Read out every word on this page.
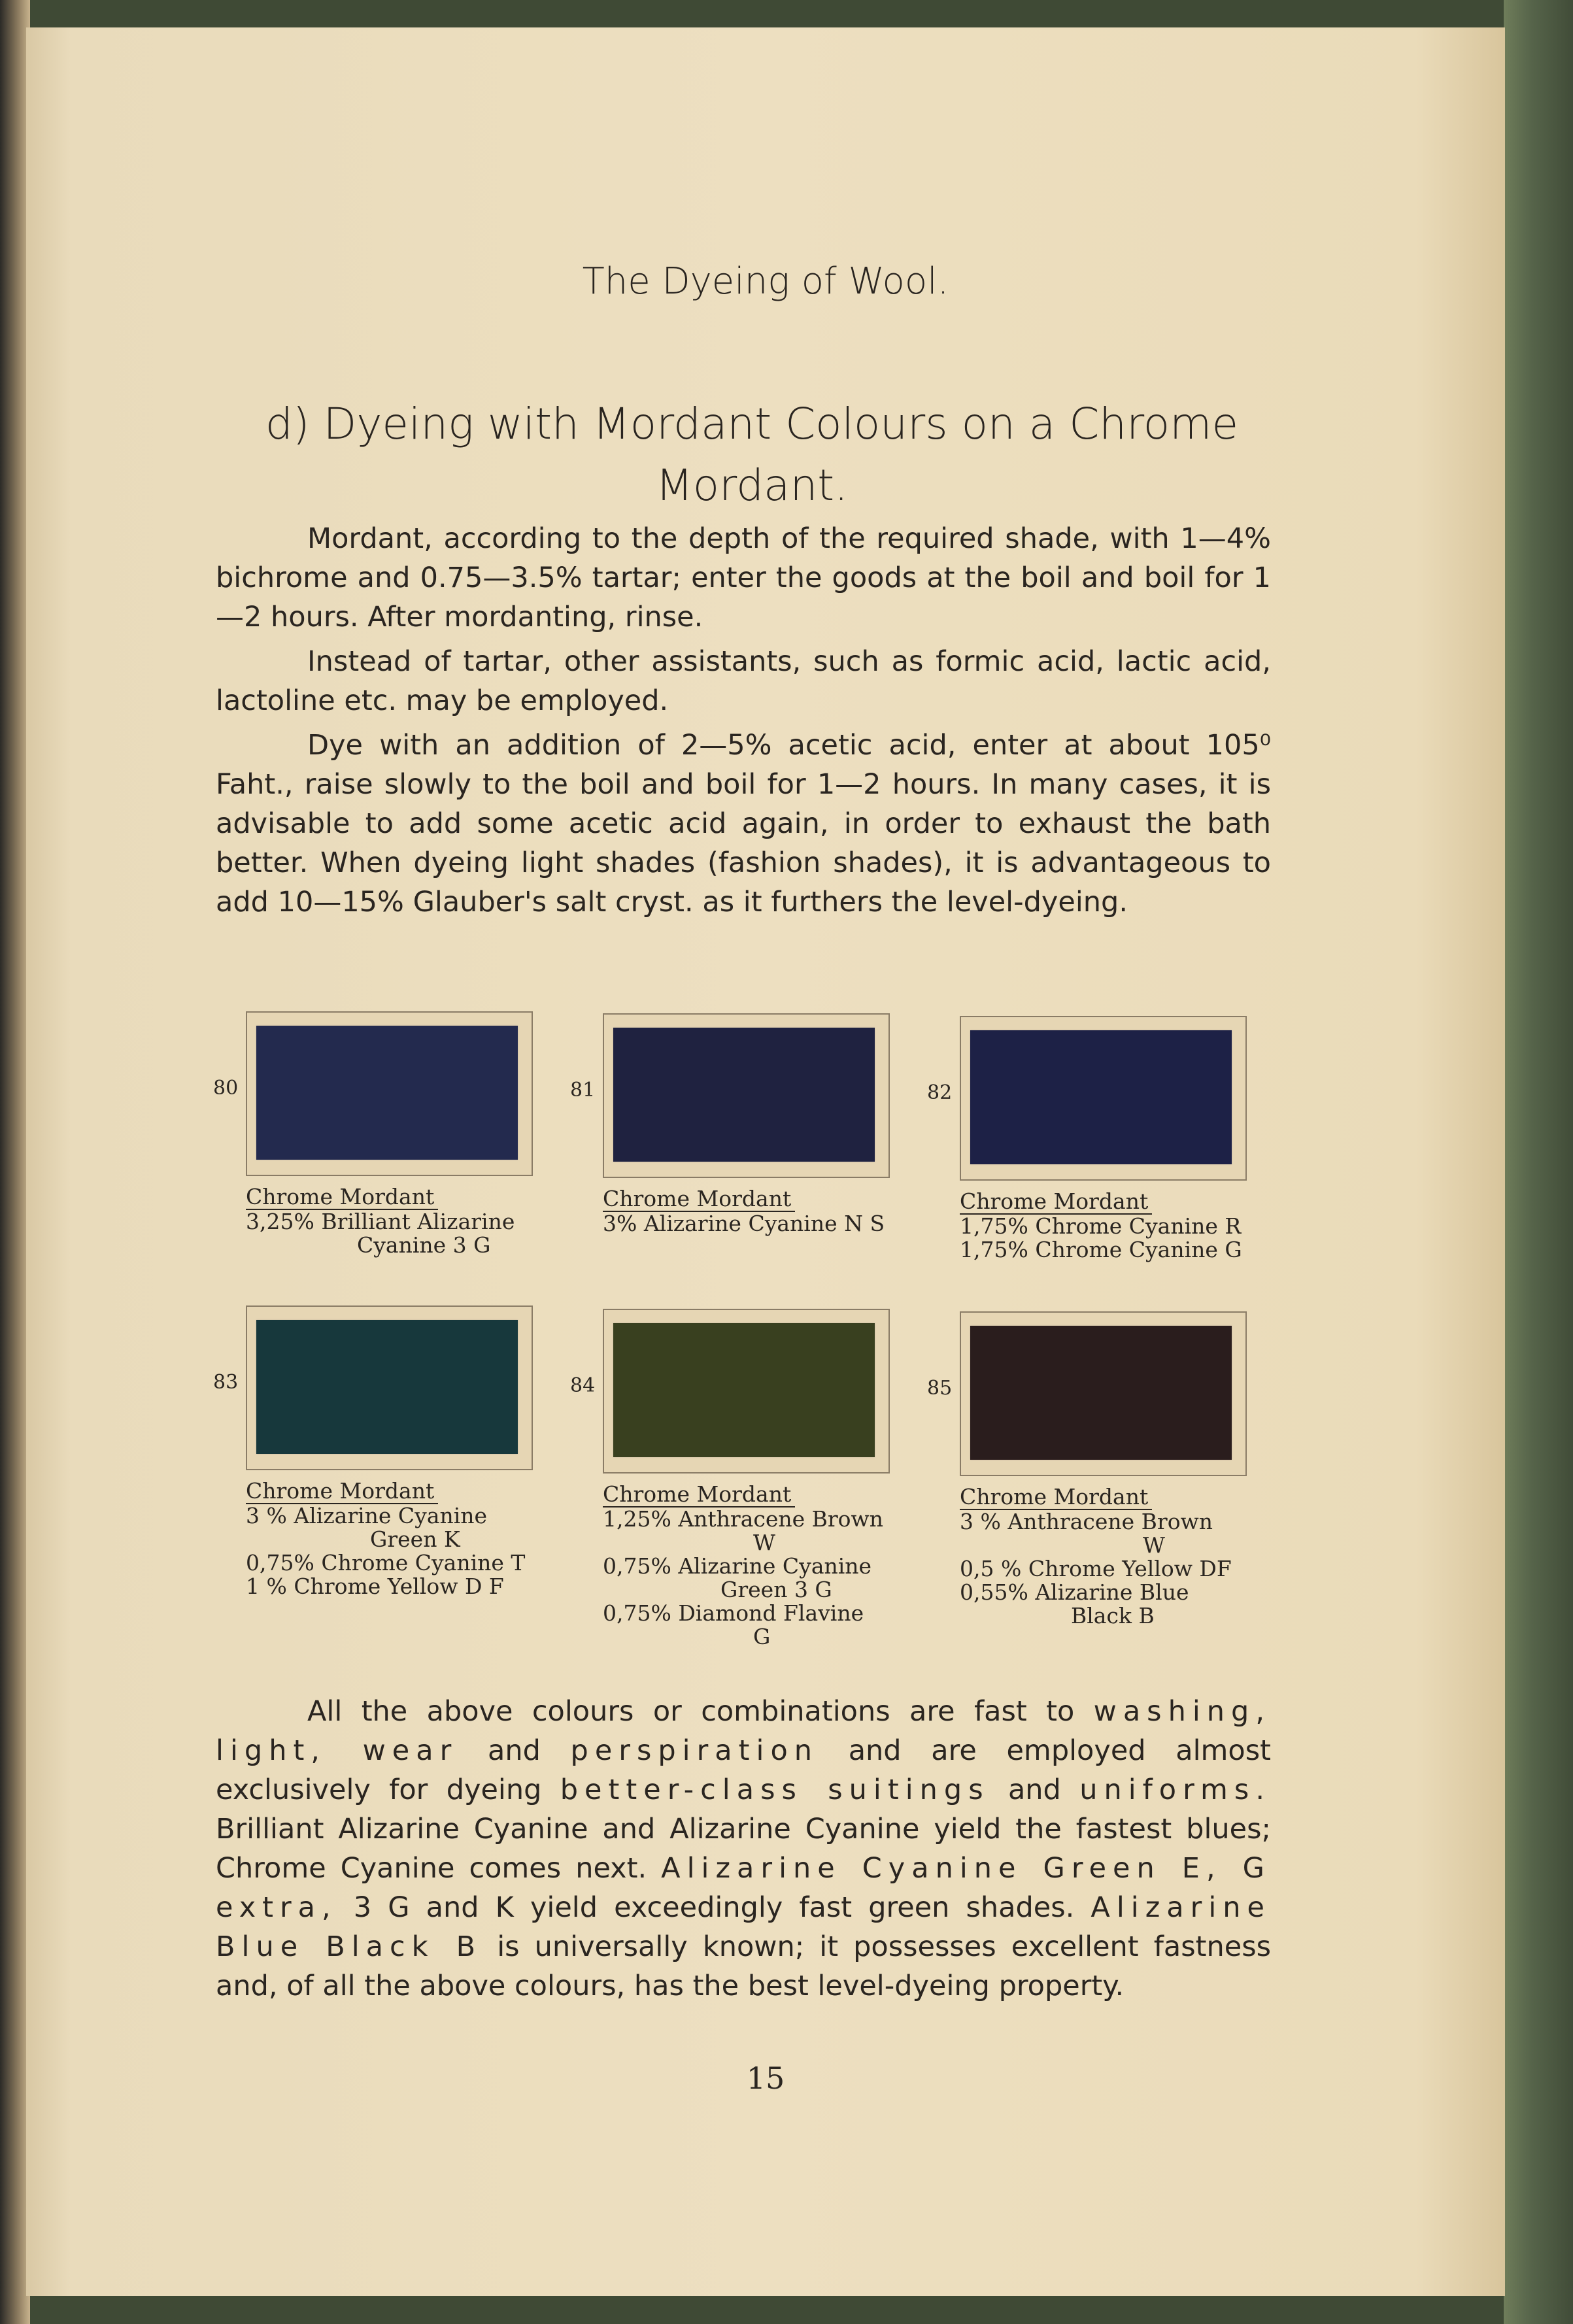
The Dyeing of Wool.
d) Dyeing with Mordant Colours on a Chrome
Mordant.

Mordant, according to the depth of the required shade, with 1—4% bichrome and 0.75—3.5% tartar; enter the goods at the boil and boil for 1—2 hours. After mordanting, rinse.

Instead of tartar, other assistants, such as formic acid, lactic acid, lactoline etc. may be employed.

Dye with an addition of 2—5% acetic acid, enter at about 105⁰ Faht., raise slowly to the boil and boil for 1—2 hours. In many cases, it is advisable to add some acetic acid again, in order to exhaust the bath better. When dyeing light shades (fashion shades), it is advantageous to add 10—15% Glauber's salt cryst. as it furthers the level-dyeing.

80
Chrome Mordant
3,25% Brilliant Alizarine
Cyanine 3 G
81
Chrome Mordant
3% Alizarine Cyanine N S
82
Chrome Mordant
1,75% Chrome Cyanine R
1,75% Chrome Cyanine G
83
Chrome Mordant
3 % Alizarine Cyanine
Green K
0,75% Chrome Cyanine T
1 % Chrome Yellow D F
84
Chrome Mordant
1,25% Anthracene Brown
W
0,75% Alizarine Cyanine
Green 3 G
0,75% Diamond Flavine
G
85
Chrome Mordant
3 % Anthracene Brown
W
0,5 % Chrome Yellow DF
0,55% Alizarine Blue
Black B

All the above colours or combinations are fast to washing, light, wear and perspiration and are employed almost exclusively for dyeing better-class suitings and uniforms. Brilliant Alizarine Cyanine and Alizarine Cyanine yield the fastest blues; Chrome Cyanine comes next. Alizarine Cyanine Green E, G extra, 3 G and K yield exceedingly fast green shades. Alizarine Blue Black B is universally known; it possesses excellent fastness and, of all the above colours, has the best level-dyeing property.

15
